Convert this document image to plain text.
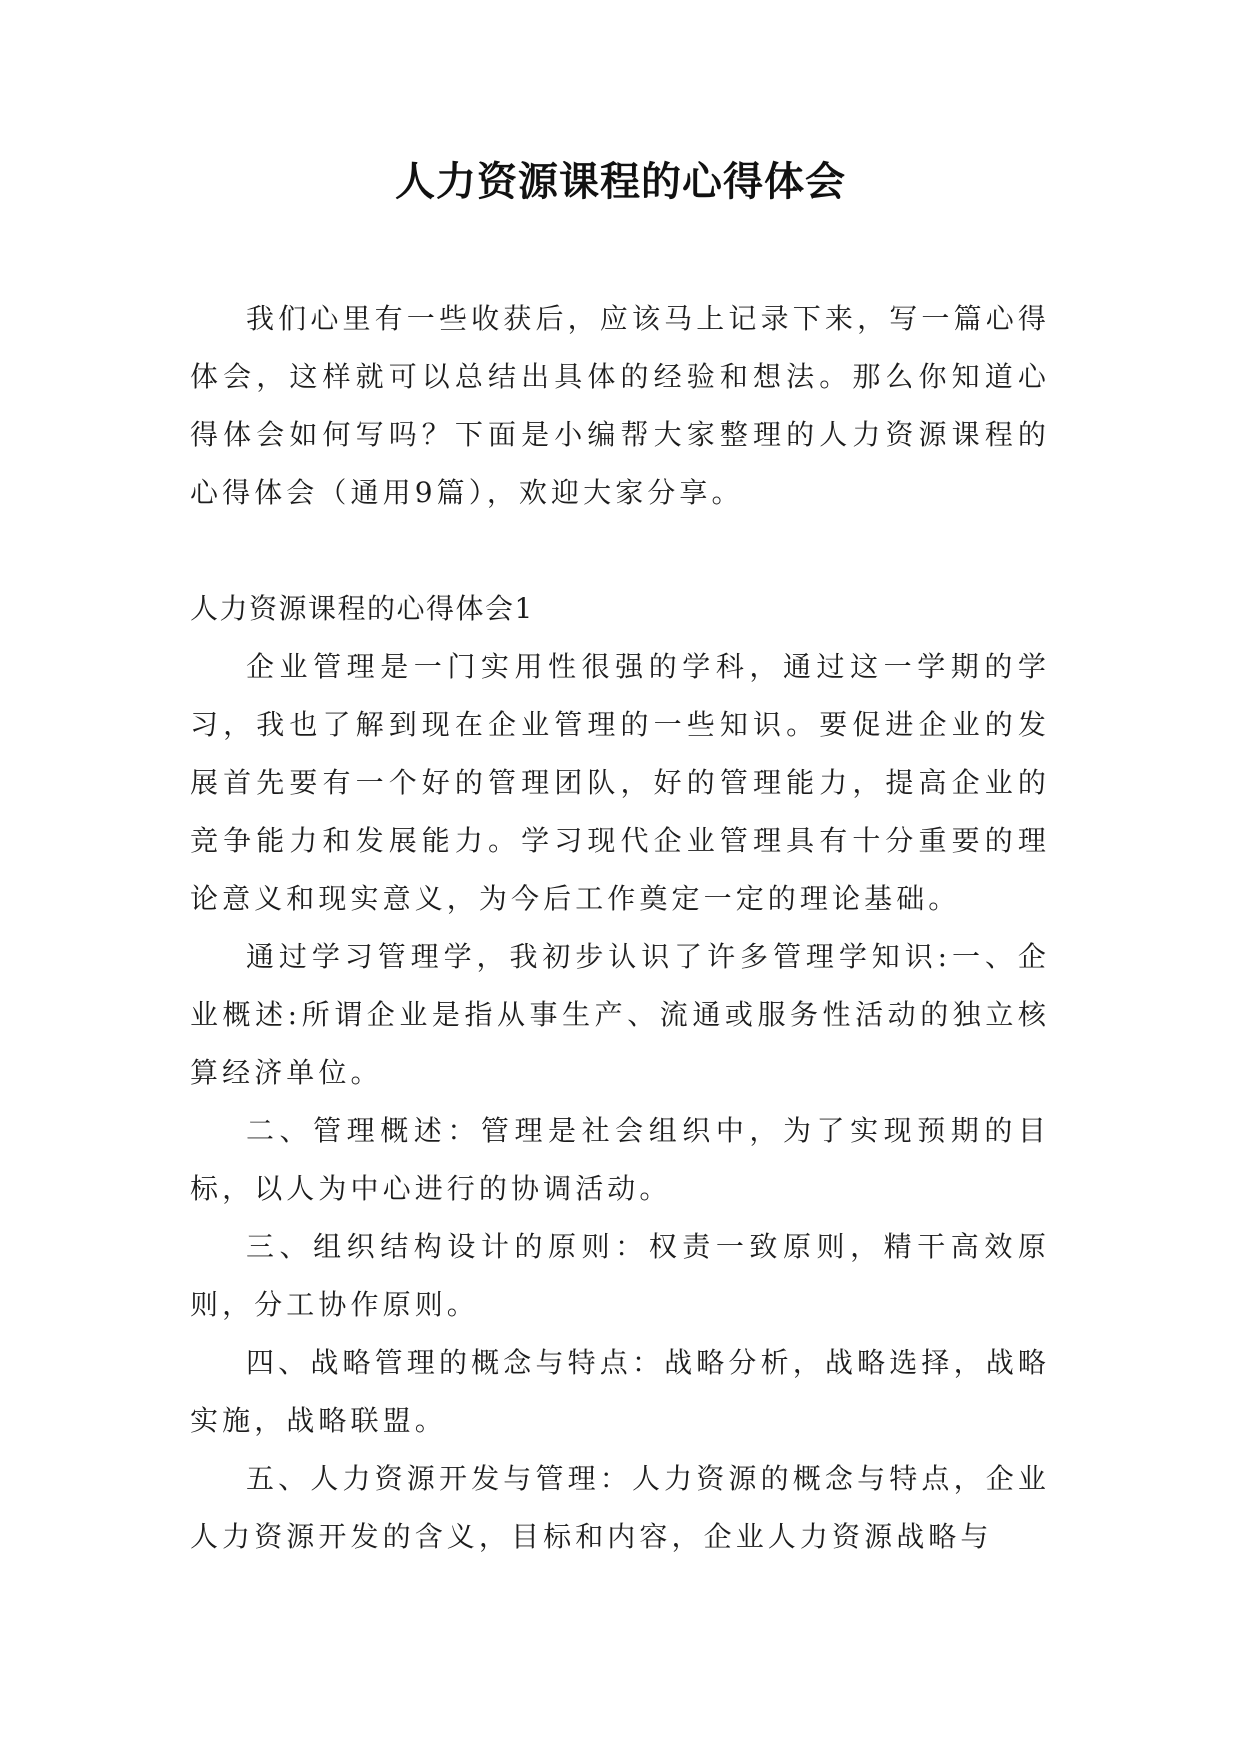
人力资源课程的心得体会

我们心里有一些收获后，应该马上记录下来，写一篇心得体会，这样就可以总结出具体的经验和想法。那么你知道心得体会如何写吗？下面是小编帮大家整理的人力资源课程的心得体会（通用9篇），欢迎大家分享。

人力资源课程的心得体会1

企业管理是一门实用性很强的学科，通过这一学期的学习，我也了解到现在企业管理的一些知识。要促进企业的发展首先要有一个好的管理团队，好的管理能力，提高企业的竞争能力和发展能力。学习现代企业管理具有十分重要的理论意义和现实意义，为今后工作奠定一定的理论基础。

通过学习管理学，我初步认识了许多管理学知识:一、企业概述:所谓企业是指从事生产、流通或服务性活动的独立核算经济单位。

二、管理概述：管理是社会组织中，为了实现预期的目标，以人为中心进行的协调活动。

三、组织结构设计的原则：权责一致原则，精干高效原则，分工协作原则。

四、战略管理的概念与特点：战略分析，战略选择，战略实施，战略联盟。

五、人力资源开发与管理：人力资源的概念与特点，企业人力资源开发的含义，目标和内容，企业人力资源战略与
